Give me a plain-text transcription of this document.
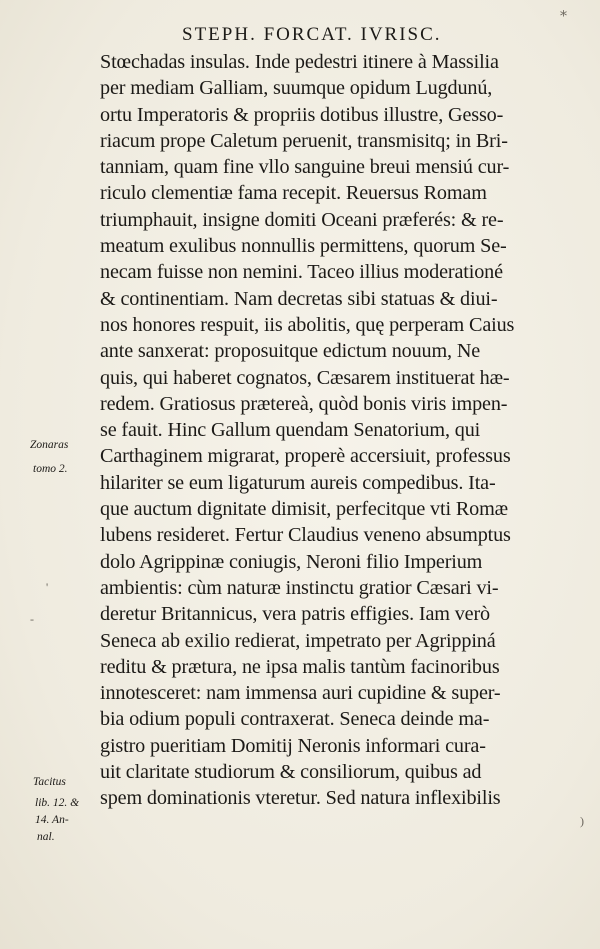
STEPH. FORCAT. IVRISC.
Stœchadas insulas. Inde pedestri itinere à Massilia
per mediam Galliam, suumque opidum Lugdunú,
ortu Imperatoris & propriis dotibus illustre, Gesso-
riacum prope Caletum peruenit, transmisitq; in Bri-
tanniam, quam fine vllo sanguine breui mensiú cur-
riculo clementiæ fama recepit. Reuersus Romam
triumphauit, insigne domiti Oceani præferés: & re-
meatum exulibus nonnullis permittens, quorum Se-
necam fuisse non nemini. Taceo illius moderationé
& continentiam. Nam decretas sibi statuas & diui-
nos honores respuit, iis abolitis, quę perperam Caius
ante sanxerat: proposuitque edictum nouum, Ne
quis, qui haberet cognatos, Cæsarem instituerat hæ-
redem. Gratiosus prætereà, quòd bonis viris impen-
se fauit. Hinc Gallum quendam Senatorium, qui
Carthaginem migrarat, properè accersiuit, professus
hilariter se eum ligaturum aureis compedibus. Ita-
que auctum dignitate dimisit, perfecitque vti Romæ
lubens resideret. Fertur Claudius veneno absumptus
dolo Agrippinæ coniugis, Neroni filio Imperium
ambientis: cùm naturæ instinctu gratior Cæsari vi-
deretur Britannicus, vera patris effigies. Iam verò
Seneca ab exilio redierat, impetrato per Agrippiná
reditu & prætura, ne ipsa malis tantùm facinoribus
innotesceret: nam immensa auri cupidine & super-
bia odium populi contraxerat. Seneca deinde ma-
gistro pueritiam Domitij Neronis informari cura-
uit claritate studiorum & consiliorum, quibus ad
spem dominationis vteretur. Sed natura inflexibilis
Zonaras
tomo 2.
Tacitus
lib. 12. &
14. An-
nal.
⁎
'
-
)
